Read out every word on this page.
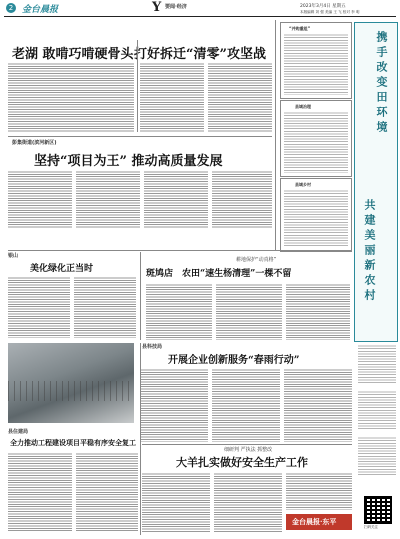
2 金台晨报	Y 要闻·经济	2023年3月4日 星期五
本版编辑 刘 强 美编 王 飞 校对 李 明
老湖 敢啃巧啃硬骨头 打好拆迁“清零”攻坚战
“并购重组”
县域治理
县域乡村
携手改变田环境
共建美丽新农村
彭集街道(滨河新区)
坚持“项目为王” 推动高质量发展
银山
美化绿化正当时
耕地保护“动真格”
斑鸠店 农田“速生杨清理”一棵不留
县科技局
开展企业创新服务“春雨行动”
扫码关注
县住建局
全力推动工程建设项目平稳有序安全复工
细研判 严执法 抓整改
大羊扎实做好安全生产工作
金台晨报·东平
